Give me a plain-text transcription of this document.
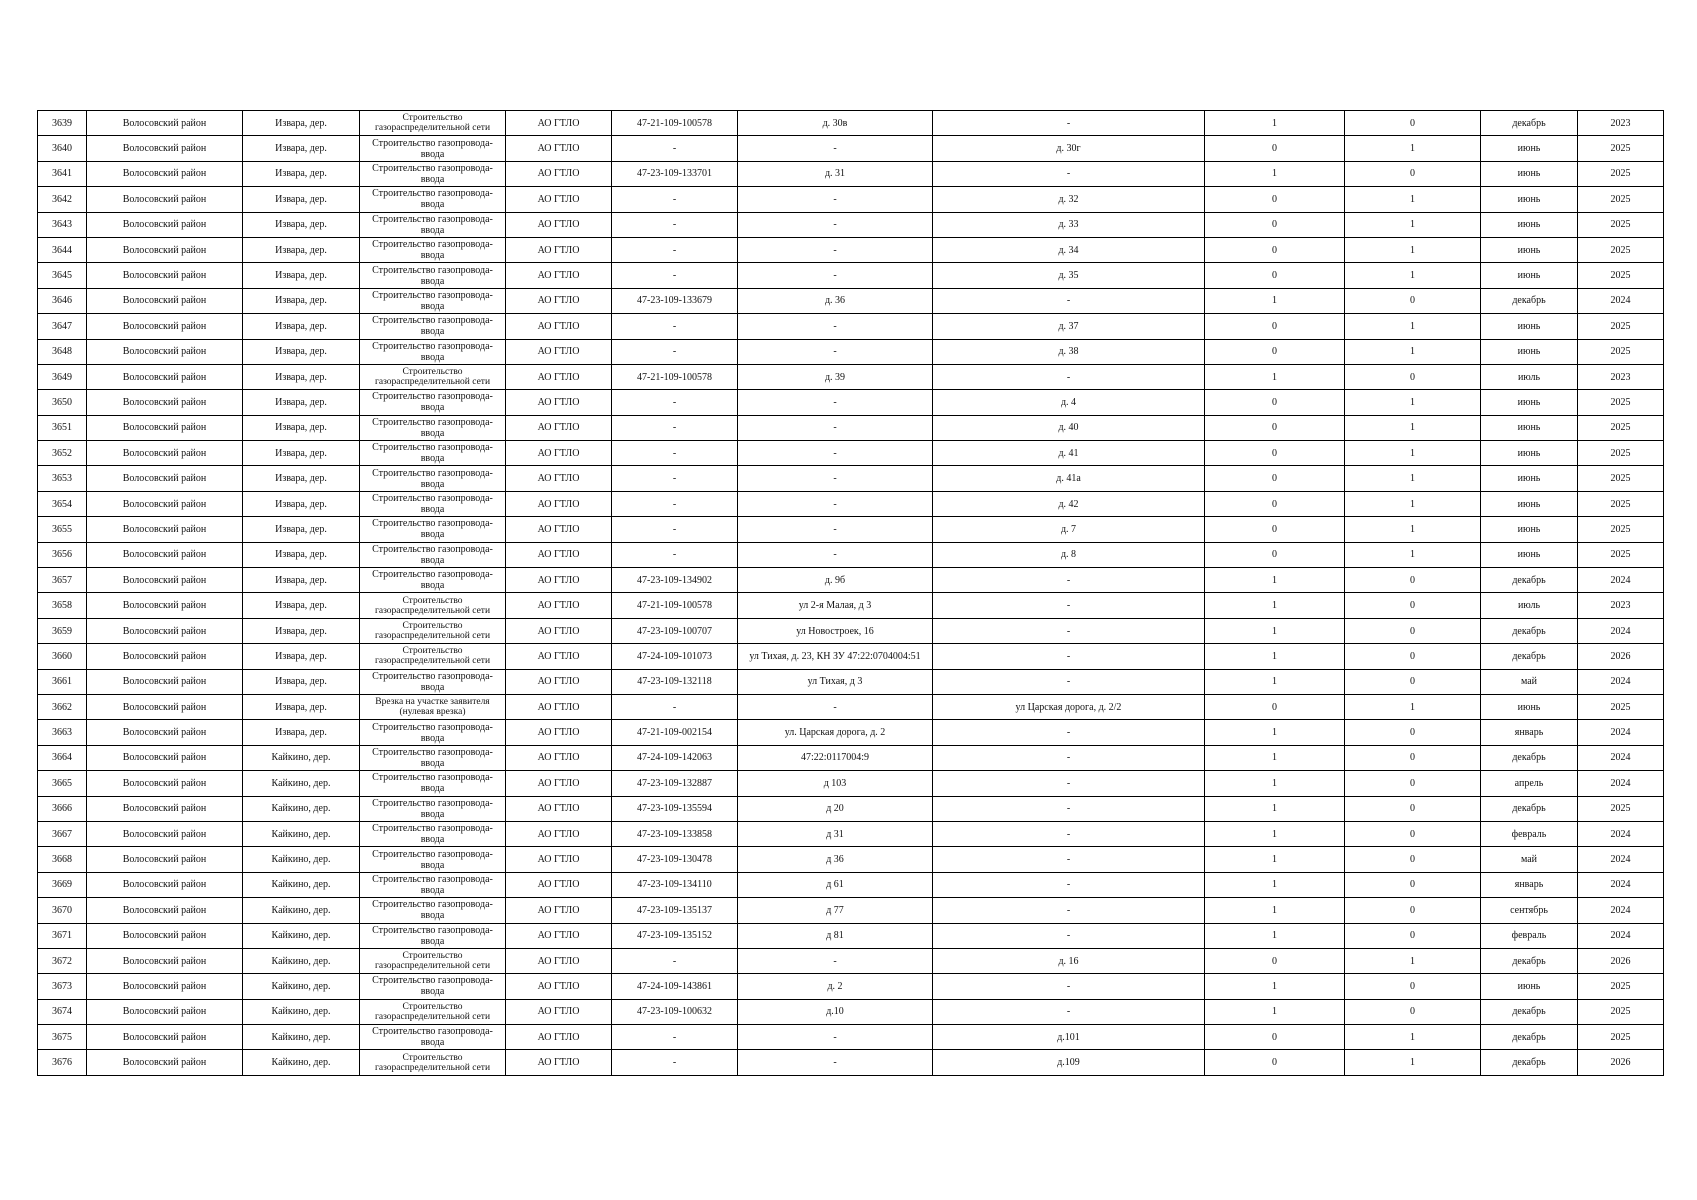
3639	Волосовский район	Извара, дер.	Строительство газораспределительной сети	АО ГТЛО	47-21-109-100578	д. 30в	-	1	0	декабрь	2023
3640	Волосовский район	Извара, дер.	Строительство газопровода-ввода	АО ГТЛО	-	-	д. 30г	0	1	июнь	2025
3641	Волосовский район	Извара, дер.	Строительство газопровода-ввода	АО ГТЛО	47-23-109-133701	д. 31	-	1	0	июнь	2025
3642	Волосовский район	Извара, дер.	Строительство газопровода-ввода	АО ГТЛО	-	-	д. 32	0	1	июнь	2025
3643	Волосовский район	Извара, дер.	Строительство газопровода-ввода	АО ГТЛО	-	-	д. 33	0	1	июнь	2025
3644	Волосовский район	Извара, дер.	Строительство газопровода-ввода	АО ГТЛО	-	-	д. 34	0	1	июнь	2025
3645	Волосовский район	Извара, дер.	Строительство газопровода-ввода	АО ГТЛО	-	-	д. 35	0	1	июнь	2025
3646	Волосовский район	Извара, дер.	Строительство газопровода-ввода	АО ГТЛО	47-23-109-133679	д. 36	-	1	0	декабрь	2024
3647	Волосовский район	Извара, дер.	Строительство газопровода-ввода	АО ГТЛО	-	-	д. 37	0	1	июнь	2025
3648	Волосовский район	Извара, дер.	Строительство газопровода-ввода	АО ГТЛО	-	-	д. 38	0	1	июнь	2025
3649	Волосовский район	Извара, дер.	Строительство газораспределительной сети	АО ГТЛО	47-21-109-100578	д. 39	-	1	0	июль	2023
3650	Волосовский район	Извара, дер.	Строительство газопровода-ввода	АО ГТЛО	-	-	д. 4	0	1	июнь	2025
3651	Волосовский район	Извара, дер.	Строительство газопровода-ввода	АО ГТЛО	-	-	д. 40	0	1	июнь	2025
3652	Волосовский район	Извара, дер.	Строительство газопровода-ввода	АО ГТЛО	-	-	д. 41	0	1	июнь	2025
3653	Волосовский район	Извара, дер.	Строительство газопровода-ввода	АО ГТЛО	-	-	д. 41а	0	1	июнь	2025
3654	Волосовский район	Извара, дер.	Строительство газопровода-ввода	АО ГТЛО	-	-	д. 42	0	1	июнь	2025
3655	Волосовский район	Извара, дер.	Строительство газопровода-ввода	АО ГТЛО	-	-	д. 7	0	1	июнь	2025
3656	Волосовский район	Извара, дер.	Строительство газопровода-ввода	АО ГТЛО	-	-	д. 8	0	1	июнь	2025
3657	Волосовский район	Извара, дер.	Строительство газопровода-ввода	АО ГТЛО	47-23-109-134902	д. 9б	-	1	0	декабрь	2024
3658	Волосовский район	Извара, дер.	Строительство газораспределительной сети	АО ГТЛО	47-21-109-100578	ул 2-я Малая, д 3	-	1	0	июль	2023
3659	Волосовский район	Извара, дер.	Строительство газораспределительной сети	АО ГТЛО	47-23-109-100707	ул Новостроек, 16	-	1	0	декабрь	2024
3660	Волосовский район	Извара, дер.	Строительство газораспределительной сети	АО ГТЛО	47-24-109-101073	ул Тихая, д. 23, КН ЗУ 47:22:0704004:51	-	1	0	декабрь	2026
3661	Волосовский район	Извара, дер.	Строительство газопровода-ввода	АО ГТЛО	47-23-109-132118	ул Тихая, д 3	-	1	0	май	2024
3662	Волосовский район	Извара, дер.	Врезка на участке заявителя (нулевая врезка)	АО ГТЛО	-	-	ул Царская дорога, д. 2/2	0	1	июнь	2025
3663	Волосовский район	Извара, дер.	Строительство газопровода-ввода	АО ГТЛО	47-21-109-002154	ул. Царская дорога, д. 2	-	1	0	январь	2024
3664	Волосовский район	Кайкино, дер.	Строительство газопровода-ввода	АО ГТЛО	47-24-109-142063	47:22:0117004:9	-	1	0	декабрь	2024
3665	Волосовский район	Кайкино, дер.	Строительство газопровода-ввода	АО ГТЛО	47-23-109-132887	д 103	-	1	0	апрель	2024
3666	Волосовский район	Кайкино, дер.	Строительство газопровода-ввода	АО ГТЛО	47-23-109-135594	д 20	-	1	0	декабрь	2025
3667	Волосовский район	Кайкино, дер.	Строительство газопровода-ввода	АО ГТЛО	47-23-109-133858	д 31	-	1	0	февраль	2024
3668	Волосовский район	Кайкино, дер.	Строительство газопровода-ввода	АО ГТЛО	47-23-109-130478	д 36	-	1	0	май	2024
3669	Волосовский район	Кайкино, дер.	Строительство газопровода-ввода	АО ГТЛО	47-23-109-134110	д 61	-	1	0	январь	2024
3670	Волосовский район	Кайкино, дер.	Строительство газопровода-ввода	АО ГТЛО	47-23-109-135137	д 77	-	1	0	сентябрь	2024
3671	Волосовский район	Кайкино, дер.	Строительство газопровода-ввода	АО ГТЛО	47-23-109-135152	д 81	-	1	0	февраль	2024
3672	Волосовский район	Кайкино, дер.	Строительство газораспределительной сети	АО ГТЛО	-	-	д. 16	0	1	декабрь	2026
3673	Волосовский район	Кайкино, дер.	Строительство газопровода-ввода	АО ГТЛО	47-24-109-143861	д. 2	-	1	0	июнь	2025
3674	Волосовский район	Кайкино, дер.	Строительство газораспределительной сети	АО ГТЛО	47-23-109-100632	д.10	-	1	0	декабрь	2025
3675	Волосовский район	Кайкино, дер.	Строительство газопровода-ввода	АО ГТЛО	-	-	д.101	0	1	декабрь	2025
3676	Волосовский район	Кайкино, дер.	Строительство газораспределительной сети	АО ГТЛО	-	-	д.109	0	1	декабрь	2026
